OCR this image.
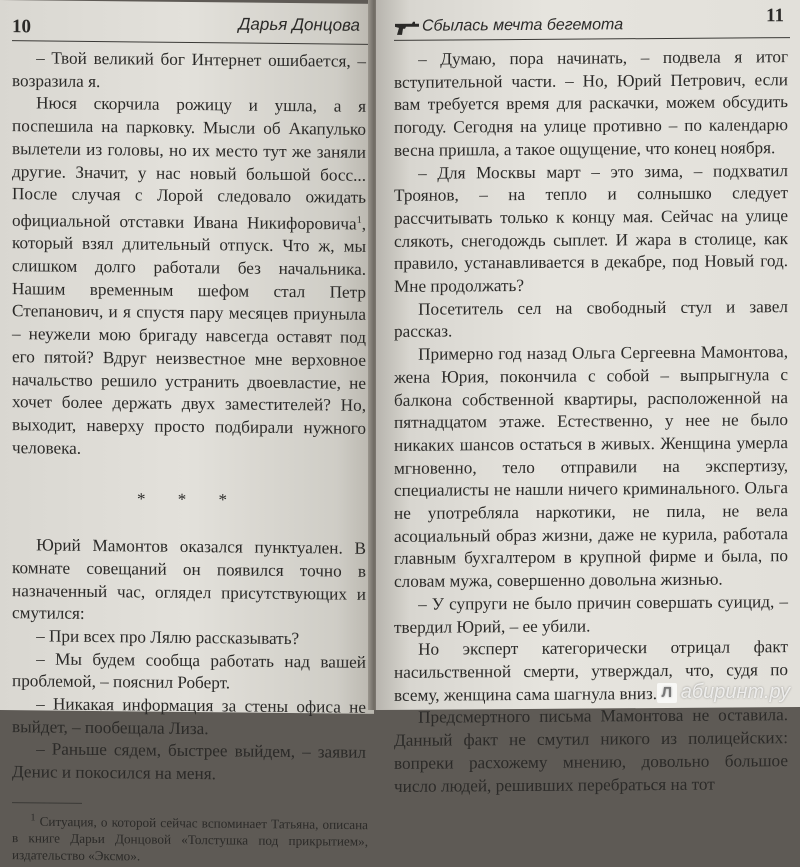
10	Дарья Донцова

– Твой великий бог Интернет ошибается, – возразила я.

Нюся скорчила рожицу и ушла, а я поспешила на парковку. Мысли об Акапулько вылетели из головы, но их место тут же заняли другие. Значит, у нас новый большой босс... После случая с Лорой следовало ожидать официальной отставки Ивана Никифоровича$^1$, который взял длительный отпуск. Что ж, мы слишком долго работали без начальника. Нашим временным шефом стал Петр Степанович, и я спустя пару месяцев приуныла – неужели мою бригаду навсегда оставят под его пятой? Вдруг неизвестное мне верховное начальство решило устранить двоевластие, не хочет более держать двух заместителей? Но, выходит, наверху просто подбирали нужного человека.

* * *

Юрий Мамонтов оказался пунктуален. В комнате совещаний он появился точно в назначенный час, оглядел присутствующих и смутился:

– При всех про Лялю рассказывать?

– Мы будем сообща работать над вашей проблемой, – пояснил Роберт.

– Никакая информация за стены офиса не выйдет, – пообещала Лиза.

– Раньше сядем, быстрее выйдем, – заявил Денис и покосился на меня.

$^1$ Ситуация, о которой сейчас вспоминает Татьяна, описана в книге Дарьи Донцовой «Толстушка под прикрытием», издательство «Эксмо».
Сбылась мечта бегемота	11

– Думаю, пора начинать, – подвела я итог вступительной части. – Но, Юрий Петрович, если вам требуется время для раскачки, можем обсудить погоду. Сегодня на улице противно – по календарю весна пришла, а такое ощущение, что конец ноября.

– Для Москвы март – это зима, – подхватил Троянов, – на тепло и солнышко следует рассчитывать только к концу мая. Сейчас на улице слякоть, снегодождь сыплет. И жара в столице, как правило, устанавливается в декабре, под Новый год. Мне продолжать?

Посетитель сел на свободный стул и завел рассказ.

Примерно год назад Ольга Сергеевна Мамонтова, жена Юрия, покончила с собой – выпрыгнула с балкона собственной квартиры, расположенной на пятнадцатом этаже. Естественно, у нее не было никаких шансов остаться в живых. Женщина умерла мгновенно, тело отправили на экспертизу, специалисты не нашли ничего криминального. Ольга не употребляла наркотики, не пила, не вела асоциальный образ жизни, даже не курила, работала главным бухгалтером в крупной фирме и была, по словам мужа, совершенно довольна жизнью.

– У супруги не было причин совершать суицид, – твердил Юрий, – ее убили.

Но эксперт категорически отрицал факт насильственной смерти, утверждал, что, судя по всему, женщина сама шагнула вниз.

Предсмертного письма Мамонтова не оставила. Данный факт не смутил никого из полицейских: вопреки расхожему мнению, довольно большое число людей, решивших перебраться на тот

Л абиринт.ру
